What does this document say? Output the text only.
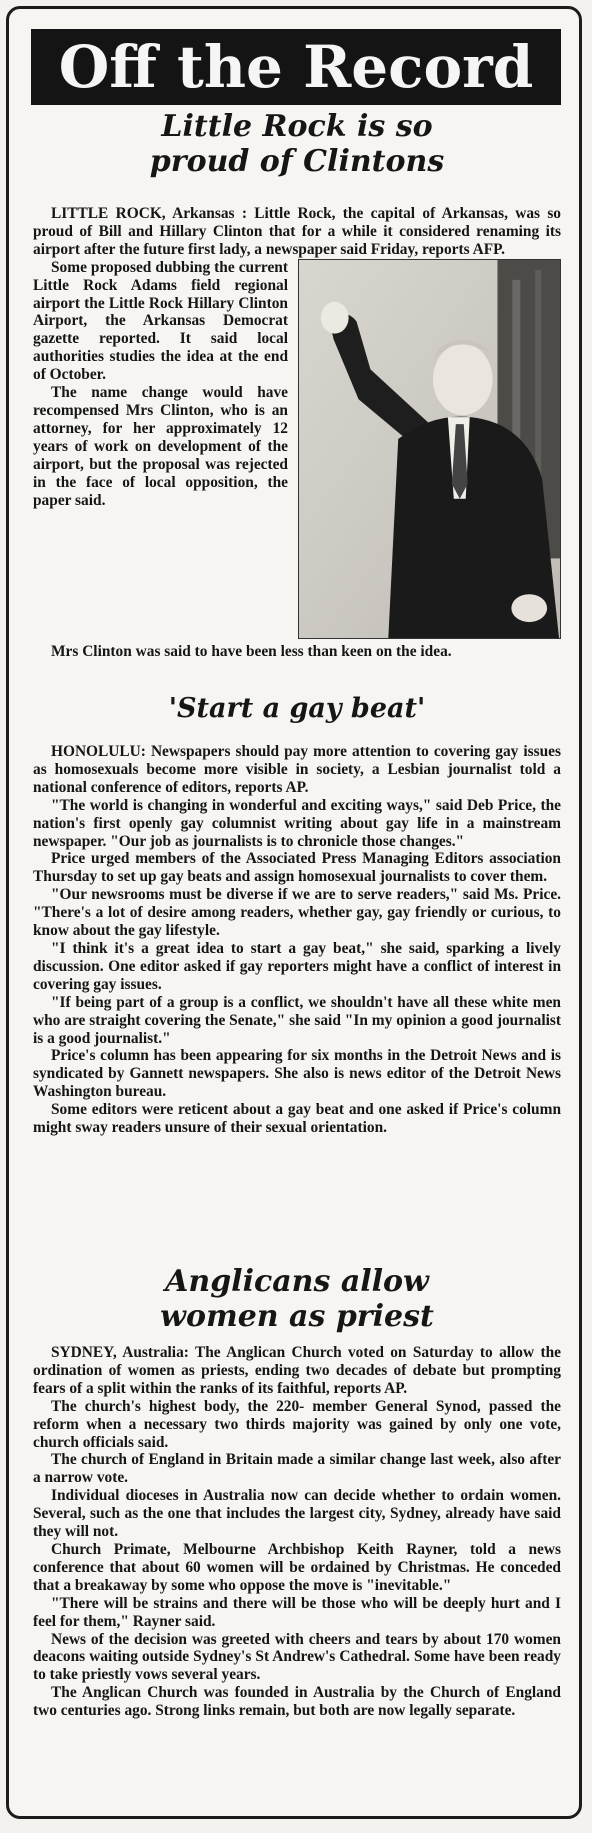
Off the Record
Little Rock is so
proud of Clintons

LITTLE ROCK, Arkansas : Little Rock, the capital of Arkansas, was so proud of Bill and Hillary Clinton that for a while it considered renaming its airport after the future first lady, a newspaper said Friday, reports AFP.

Some proposed dubbing the current Little Rock Adams field regional airport the Little Rock Hillary Clinton Airport, the Arkansas Democrat gazette reported. It said local authorities studies the idea at the end of October.

The name change would have recompensed Mrs Clinton, who is an attorney, for her approximately 12 years of work on development of the airport, but the proposal was rejected in the face of local opposition, the paper said.

Mrs Clinton was said to have been less than keen on the idea.

'Start a gay beat'

HONOLULU: Newspapers should pay more attention to covering gay issues as homosexuals become more visible in society, a Lesbian journalist told a national conference of editors, reports AP.

"The world is changing in wonderful and exciting ways," said Deb Price, the nation's first openly gay columnist writing about gay life in a mainstream newspaper. "Our job as journalists is to chronicle those changes."

Price urged members of the Associated Press Managing Editors association Thursday to set up gay beats and assign homosexual journalists to cover them.

"Our newsrooms must be diverse if we are to serve readers," said Ms. Price. "There's a lot of desire among readers, whether gay, gay friendly or curious, to know about the gay lifestyle.

"I think it's a great idea to start a gay beat," she said, sparking a lively discussion. One editor asked if gay reporters might have a conflict of interest in covering gay issues.

"If being part of a group is a conflict, we shouldn't have all these white men who are straight covering the Senate," she said "In my opinion a good journalist is a good journalist."

Price's column has been appearing for six months in the Detroit News and is syndicated by Gannett newspapers. She also is news editor of the Detroit News Washington bureau.

Some editors were reticent about a gay beat and one asked if Price's column might sway readers unsure of their sexual orientation.

Anglicans allow
women as priest

SYDNEY, Australia: The Anglican Church voted on Saturday to allow the ordination of women as priests, ending two decades of debate but prompting fears of a split within the ranks of its faithful, reports AP.

The church's highest body, the 220- member General Synod, passed the reform when a necessary two thirds majority was gained by only one vote, church officials said.

The church of England in Britain made a similar change last week, also after a narrow vote.

Individual dioceses in Australia now can decide whether to ordain women. Several, such as the one that includes the largest city, Sydney, already have said they will not.

Church Primate, Melbourne Archbishop Keith Rayner, told a news conference that about 60 women will be ordained by Christmas. He conceded that a breakaway by some who oppose the move is "inevitable."

"There will be strains and there will be those who will be deeply hurt and I feel for them," Rayner said.

News of the decision was greeted with cheers and tears by about 170 women deacons waiting outside Sydney's St Andrew's Cathedral. Some have been ready to take priestly vows several years.

The Anglican Church was founded in Australia by the Church of England two centuries ago. Strong links remain, but both are now legally separate.
